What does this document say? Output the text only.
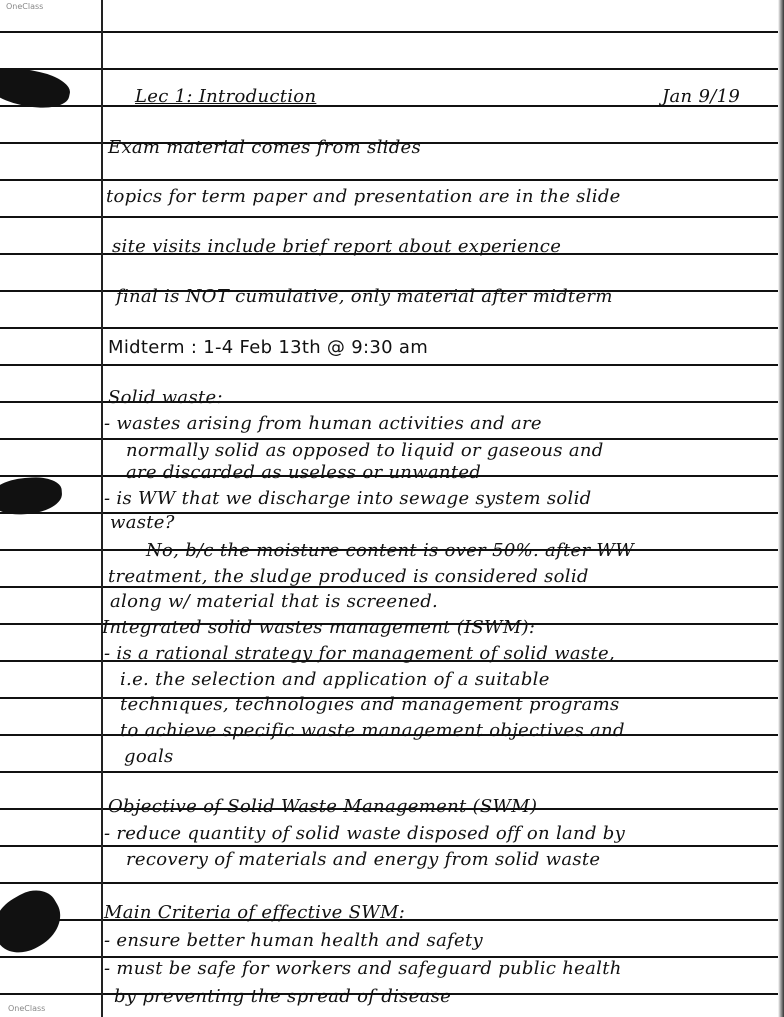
OneClass
OneClass
Lec 1: Introduction	Jan 9/19
Exam material comes from slides
topics for term paper and presentation are in the slide
site visits include brief report about experience
final is NOT cumulative, only material after midterm
Midterm : 1-4 Feb 13th @ 9:30 am
Solid waste:
- wastes arising from human activities and are
normally solid as opposed to liquid or gaseous and
are discarded as useless or unwanted
- is WW that we discharge into sewage system solid
waste?
No, b/c the moisture content is over 50%. after WW
treatment, the sludge produced is considered solid
along w/ material that is screened.
Integrated solid wastes management (ISWM):
- is a rational strategy for management of solid waste,
i.e. the selection and application of a suitable
techniques, technologies and management programs
to achieve specific waste management objectives and
goals
Objective of Solid Waste Management (SWM)
- reduce quantity of solid waste disposed off on land by
recovery of materials and energy from solid waste
Main Criteria of effective SWM:
- ensure better human health and safety
- must be safe for workers and safeguard public health
by preventing the spread of disease
